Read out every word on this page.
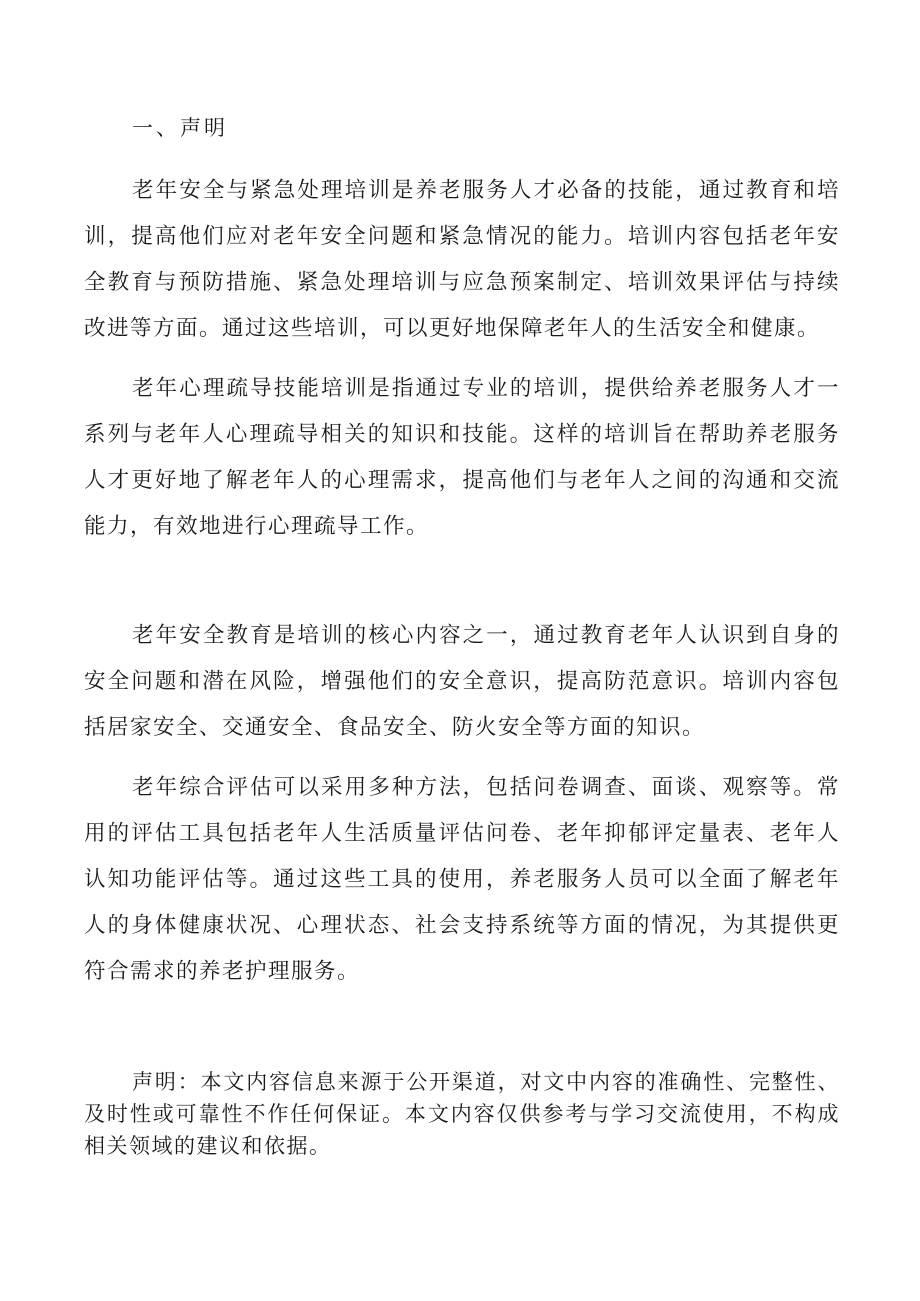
一、声明

老年安全与紧急处理培训是养老服务人才必备的技能，通过教育和培训，提高他们应对老年安全问题和紧急情况的能力。培训内容包括老年安全教育与预防措施、紧急处理培训与应急预案制定、培训效果评估与持续改进等方面。通过这些培训，可以更好地保障老年人的生活安全和健康。

老年心理疏导技能培训是指通过专业的培训，提供给养老服务人才一系列与老年人心理疏导相关的知识和技能。这样的培训旨在帮助养老服务人才更好地了解老年人的心理需求，提高他们与老年人之间的沟通和交流能力，有效地进行心理疏导工作。

老年安全教育是培训的核心内容之一，通过教育老年人认识到自身的安全问题和潜在风险，增强他们的安全意识，提高防范意识。培训内容包括居家安全、交通安全、食品安全、防火安全等方面的知识。

老年综合评估可以采用多种方法，包括问卷调查、面谈、观察等。常用的评估工具包括老年人生活质量评估问卷、老年抑郁评定量表、老年人认知功能评估等。通过这些工具的使用，养老服务人员可以全面了解老年人的身体健康状况、心理状态、社会支持系统等方面的情况，为其提供更符合需求的养老护理服务。

声明：本文内容信息来源于公开渠道，对文中内容的准确性、完整性、及时性或可靠性不作任何保证。本文内容仅供参考与学习交流使用，不构成相关领域的建议和依据。
